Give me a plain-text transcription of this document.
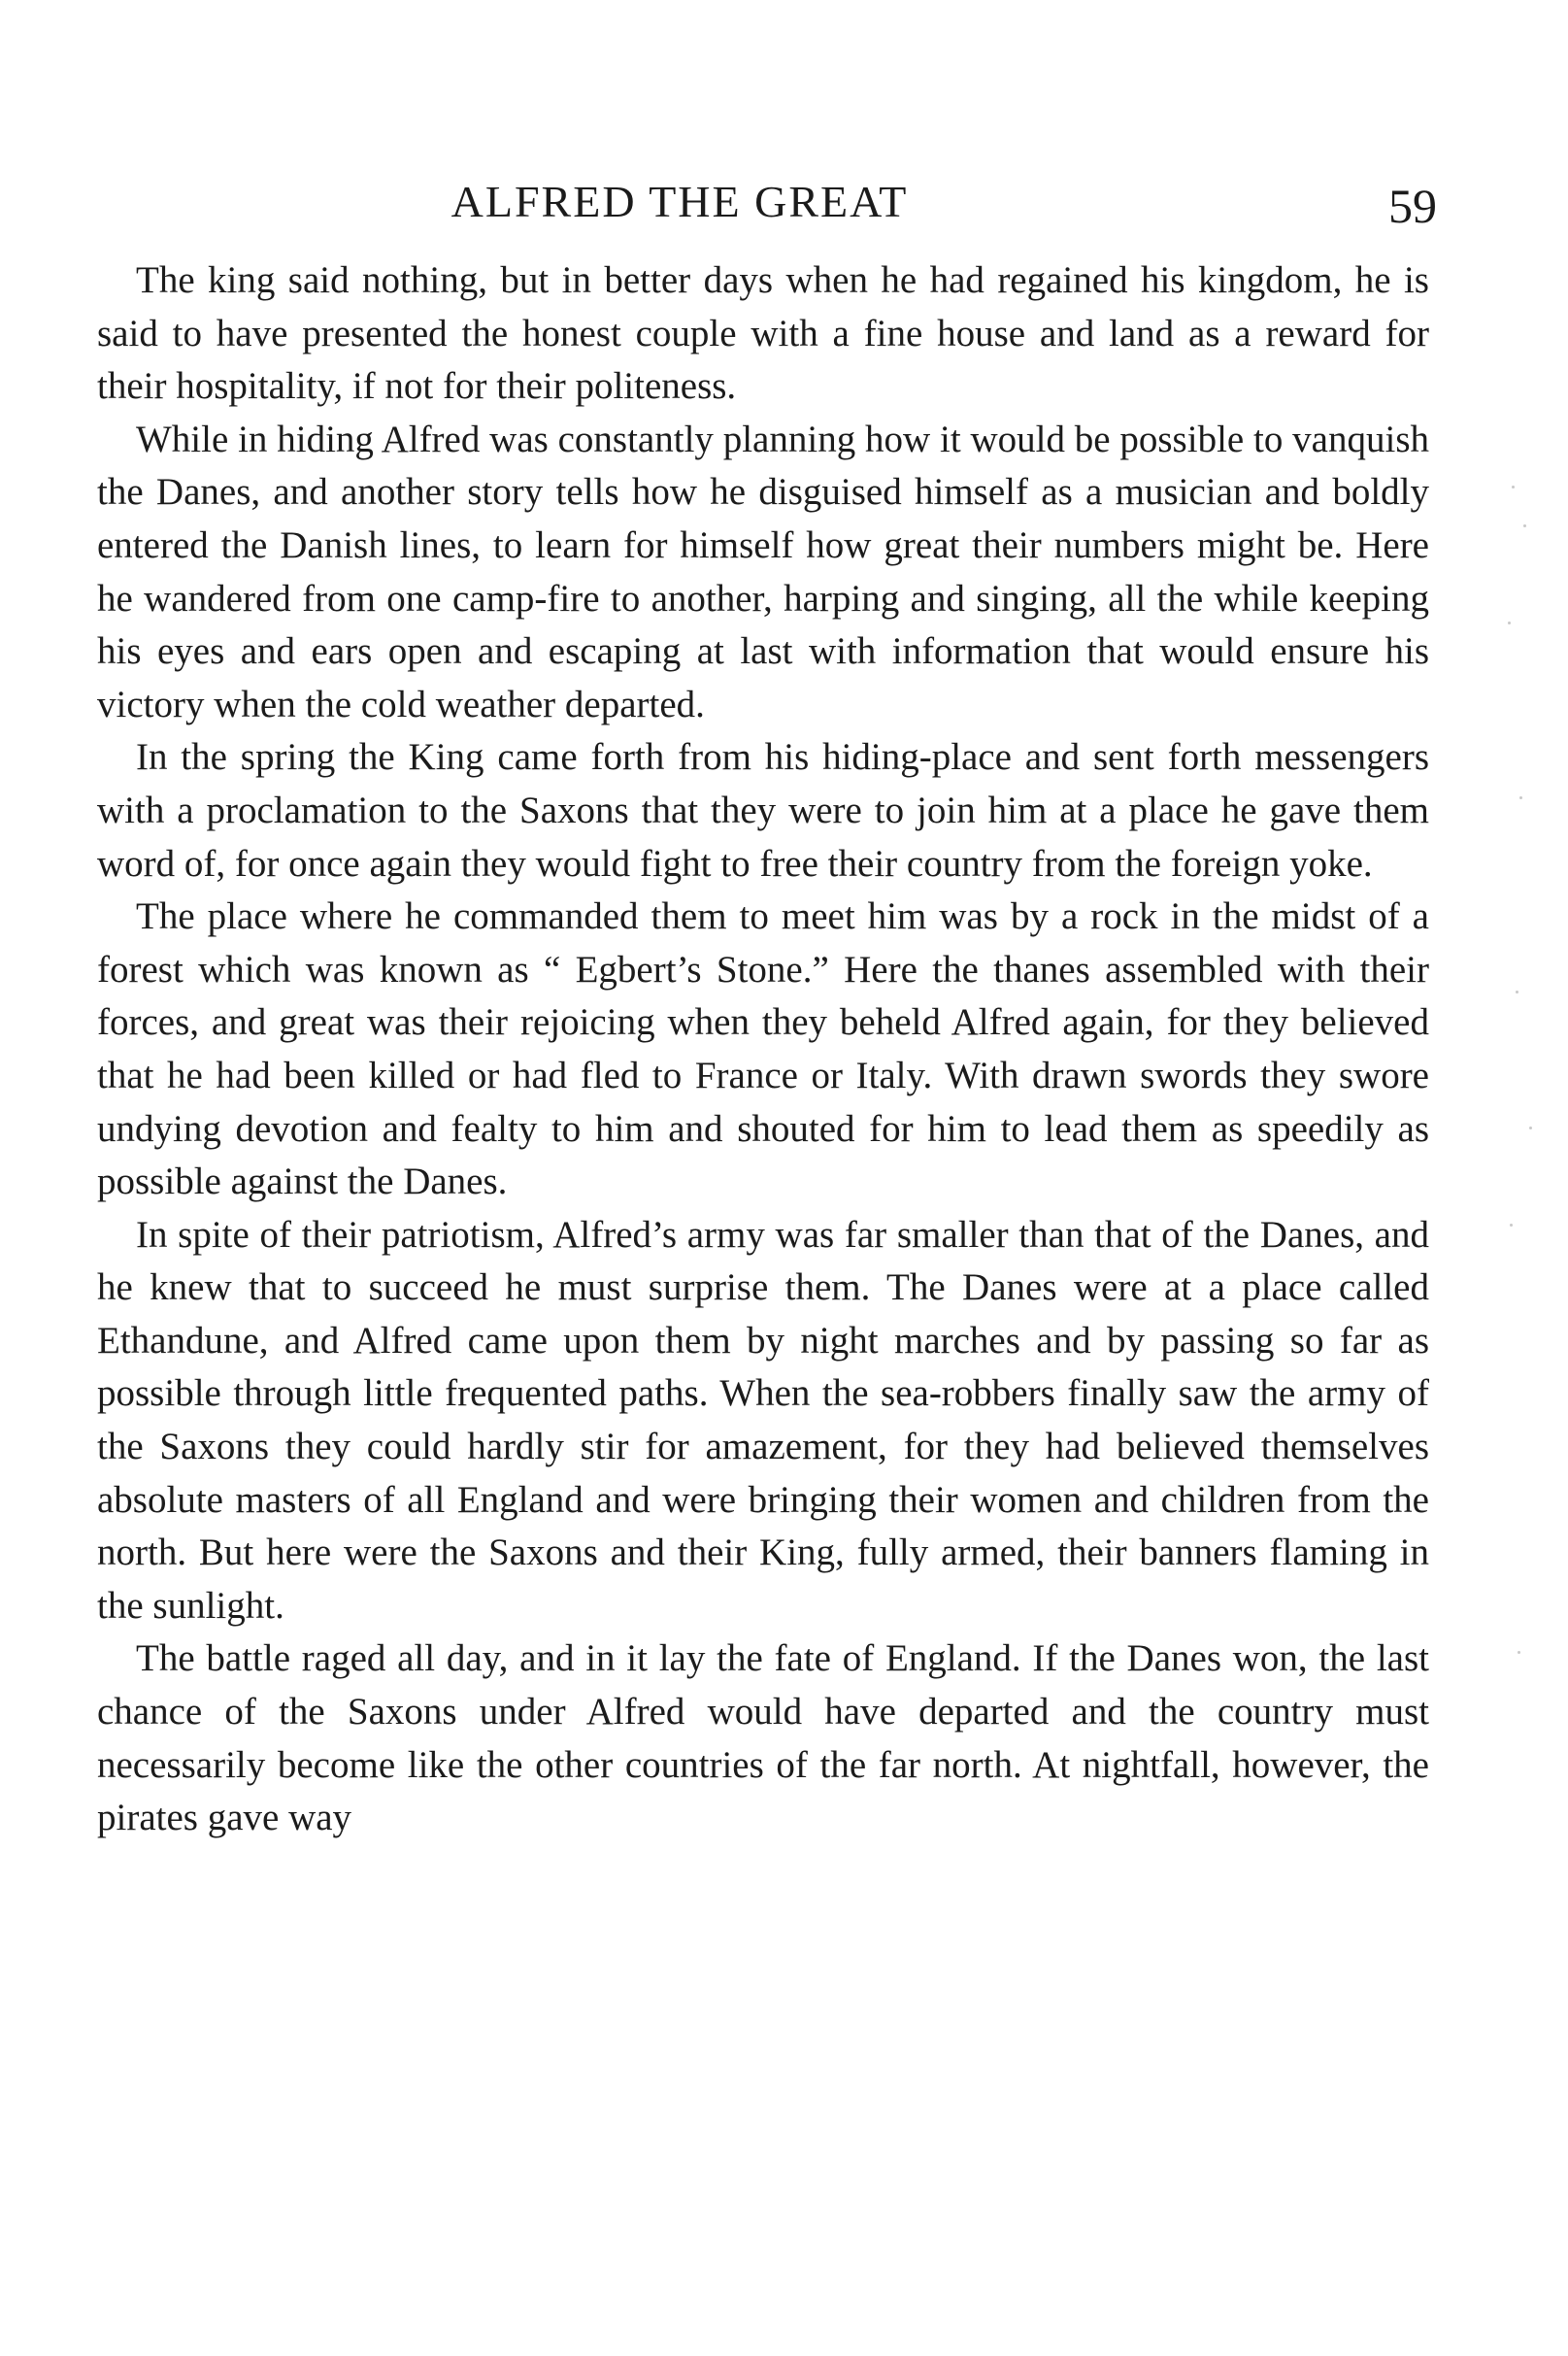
ALFRED THE GREAT	59

The king said nothing, but in better days when he had regained his kingdom, he is said to have presented the honest couple with a fine house and land as a reward for their hospitality, if not for their politeness.

While in hiding Alfred was constantly planning how it would be possible to vanquish the Danes, and another story tells how he disguised himself as a musician and boldly entered the Danish lines, to learn for himself how great their numbers might be. Here he wandered from one camp-fire to another, harping and singing, all the while keeping his eyes and ears open and escaping at last with information that would ensure his victory when the cold weather departed.

In the spring the King came forth from his hiding-place and sent forth messengers with a proclamation to the Saxons that they were to join him at a place he gave them word of, for once again they would fight to free their country from the foreign yoke.

The place where he commanded them to meet him was by a rock in the midst of a forest which was known as “ Egbert’s Stone.” Here the thanes assembled with their forces, and great was their rejoicing when they beheld Alfred again, for they believed that he had been killed or had fled to France or Italy. With drawn swords they swore undying devotion and fealty to him and shouted for him to lead them as speedily as possible against the Danes.

In spite of their patriotism, Alfred’s army was far smaller than that of the Danes, and he knew that to succeed he must surprise them. The Danes were at a place called Ethandune, and Alfred came upon them by night marches and by passing so far as possible through little frequented paths. When the sea-robbers finally saw the army of the Saxons they could hardly stir for amazement, for they had believed themselves absolute masters of all England and were bringing their women and children from the north. But here were the Saxons and their King, fully armed, their banners flaming in the sunlight.

The battle raged all day, and in it lay the fate of England. If the Danes won, the last chance of the Saxons under Alfred would have departed and the country must necessarily become like the other countries of the far north. At nightfall, however, the pirates gave way
